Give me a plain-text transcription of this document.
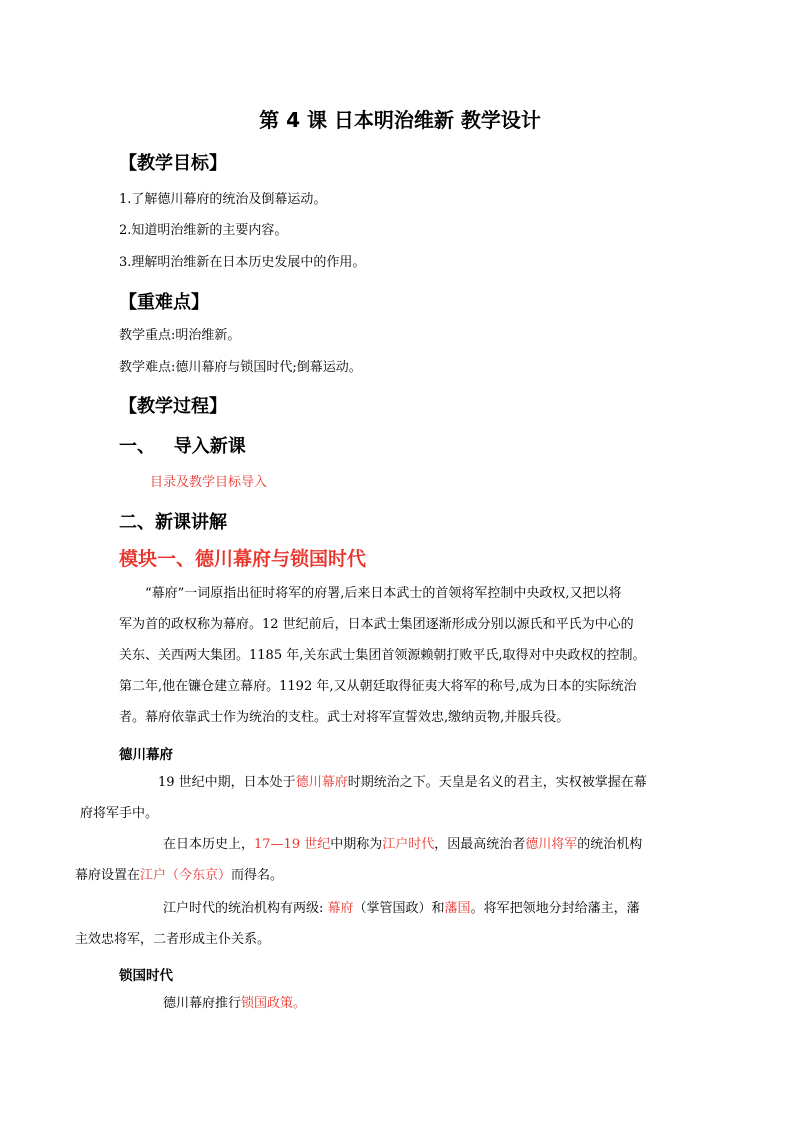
第 4 课 日本明治维新 教学设计
【教学目标】
1.了解德川幕府的统治及倒幕运动。
2.知道明治维新的主要内容。
3.理解明治维新在日本历史发展中的作用。
【重难点】
教学重点:明治维新。
教学难点:德川幕府与锁国时代;倒幕运动。
【教学过程】
一、   导入新课
目录及教学目标导入
二、新课讲解
模块一、德川幕府与锁国时代
“幕府”一词原指出征时将军的府署,后来日本武士的首领将军控制中央政权,又把以将
军为首的政权称为幕府。12 世纪前后，日本武士集团逐渐形成分别以源氏和平氏为中心的
关东、关西两大集团。1185 年,关东武士集团首领源赖朝打败平氏,取得对中央政权的控制。
第二年,他在镰仓建立幕府。1192 年,又从朝廷取得征夷大将军的称号,成为日本的实际统治
者。幕府依靠武士作为统治的支柱。武士对将军宣誓效忠,缴纳贡物,并服兵役。
德川幕府
19 世纪中期，日本处于德川幕府时期统治之下。天皇是名义的君主，实权被掌握在幕
府将军手中。
在日本历史上，17—19 世纪中期称为江户时代，因最高统治者德川将军的统治机构
幕府设置在江户（今东京）而得名。
江户时代的统治机构有两级: 幕府（掌管国政）和藩国。将军把领地分封给藩主，藩
主效忠将军，二者形成主仆关系。
锁国时代
德川幕府推行锁国政策。
